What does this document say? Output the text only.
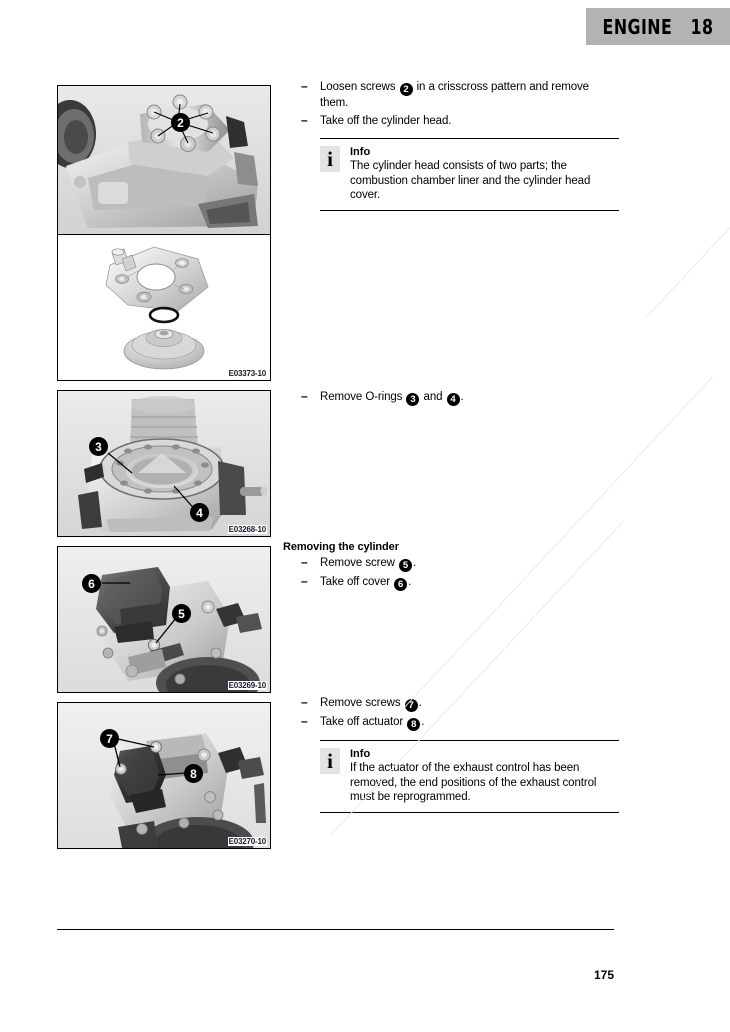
ENGINE 18
2
E03373-10
3
4
E03268-10
6
5
E03269-10
7
8
E03270-10
– Loosen screws 2 in a crisscross pattern and remove them.
– Take off the cylinder head.
i Info

The cylinder head consists of two parts; the combustion chamber liner and the cylinder head cover.

– Remove O-rings 3 and 4 .
Removing the cylinder
– Remove screw 5 .
– Take off cover 6 .
– Remove screws 7 .
– Take off actuator 8 .
i Info

If the actuator of the exhaust control has been removed, the end positions of the exhaust control must be reprogrammed.

175
